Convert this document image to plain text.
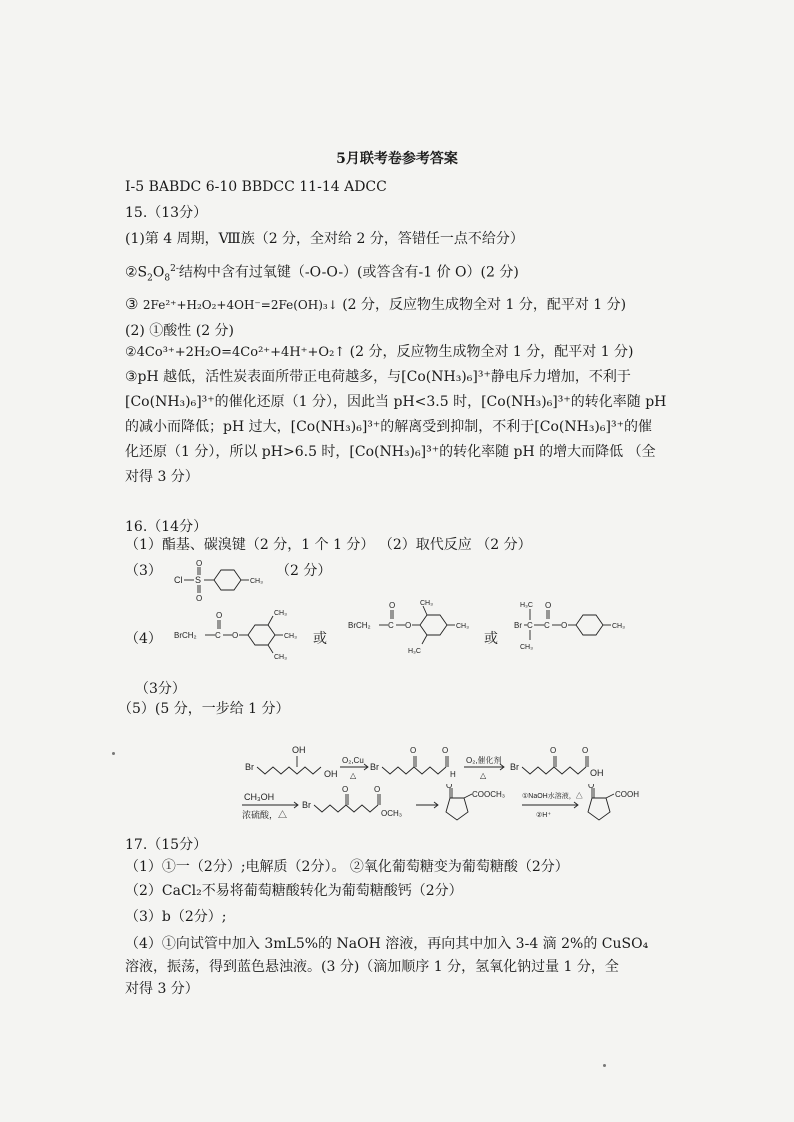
5月联考卷参考答案
I-5 BABDC 6-10 BBDCC 11-14 ADCC
15.（13分）
(1)第 4 周期，Ⅷ族（2 分，全对给 2 分，答错任一点不给分）
$②S_2O_8^{2-}$结构中含有过氧键（-O-O-）(或答含有-1 价 O）(2 分)
③ 2Fe²⁺+H₂O₂+4OH⁻=2Fe(OH)₃↓ (2 分，反应物生成物全对 1 分，配平对 1 分)
(2) ①酸性 (2 分)
②4Co³⁺+2H₂O=4Co²⁺+4H⁺+O₂↑ (2 分，反应物生成物全对 1 分，配平对 1 分)
③pH 越低，活性炭表面所带正电荷越多，与[Co(NH₃)₆]³⁺静电斥力增加，不利于
[Co(NH₃)₆]³⁺的催化还原（1 分），因此当 pH<3.5 时，[Co(NH₃)₆]³⁺的转化率随 pH
的减小而降低；pH 过大，[Co(NH₃)₆]³⁺的解离受到抑制，不利于[Co(NH₃)₆]³⁺的催
化还原（1 分），所以 pH>6.5 时，[Co(NH₃)₆]³⁺的转化率随 pH 的增大而降低 （全
对得 3 分）
16.（14分）
（1）酯基、碳溴键（2 分，1 个 1 分） （2）取代反应 （2 分）
（3）	（2 分）
Cl S
O
O
CH₃
（4） BrCH₂ C
O
O
CH₃
CH₃
CH₃
或
BrCH₂ C
O
O
CH₃
CH₃
H₃C
或
H₃C
Br C
CH₃
C
O
O	CH₃
（3分）
（5）(5 分，一步给 1 分）
Br
OH
OH
O₂,Cu
△
Br
O	O
H
O₂,催化剂
△
Br
O	O
OH
CH₃OH
浓硫酸，△
Br
O	O
OCH₃
O
COOCH₃ ①NaOH水溶液，△
②H⁺
O
COOH
17.（15分）
（1）①一（2分）;电解质（2分）。 ②氧化葡萄糖变为葡萄糖酸（2分）
（2）CaCl₂不易将葡萄糖酸转化为葡萄糖酸钙（2分）
（3）b（2分）;
（4）①向试管中加入 3mL5%的 NaOH 溶液，再向其中加入 3-4 滴 2%的 CuSO₄
溶液，振荡，得到蓝色悬浊液。(3 分)（滴加顺序 1 分，氢氧化钠过量 1 分，全
对得 3 分）
